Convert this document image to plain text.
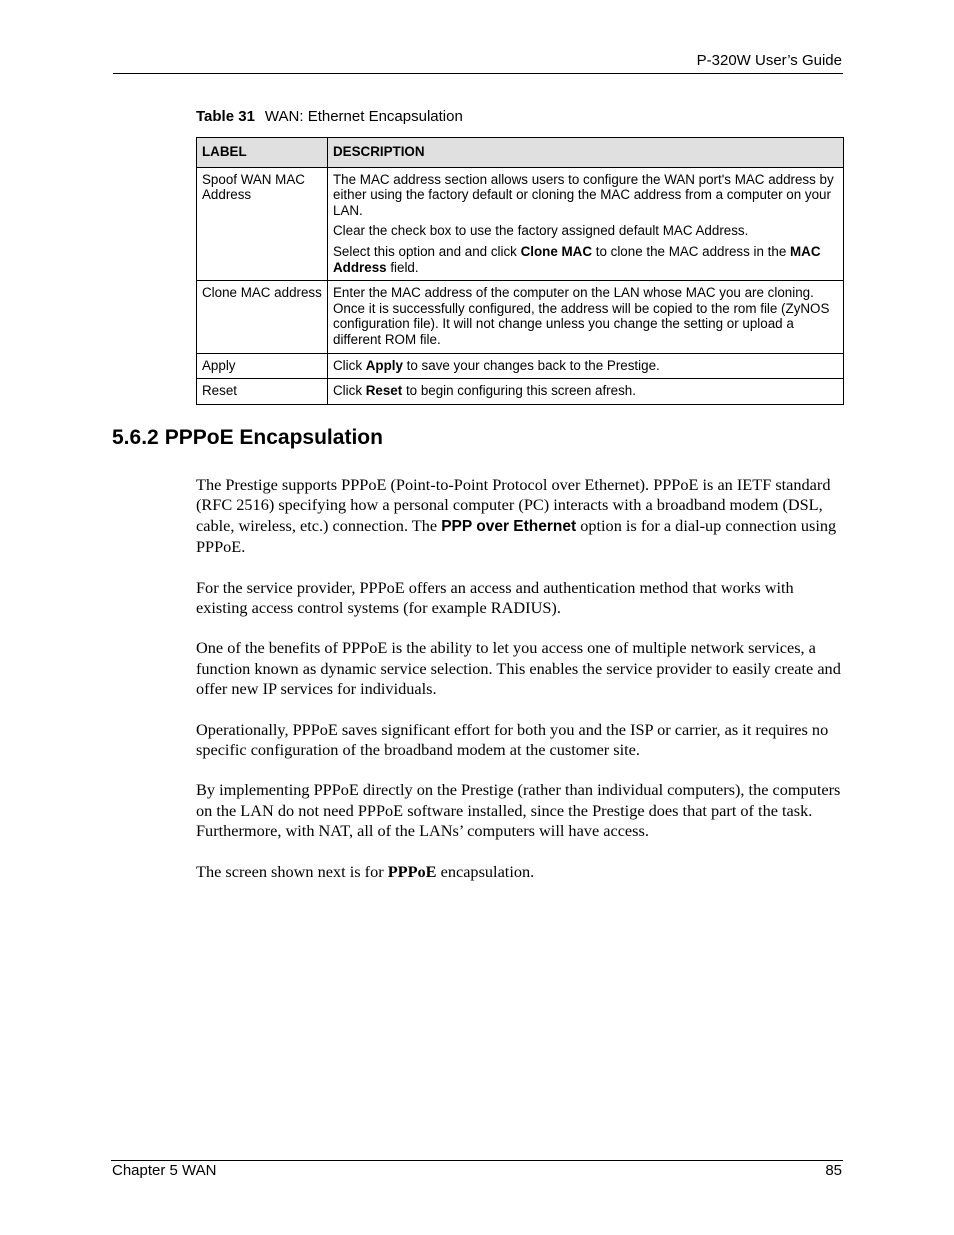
P-320W User’s Guide
Table 31 WAN: Ethernet Encapsulation
LABEL	DESCRIPTION
Spoof WAN MAC Address	The MAC address section allows users to configure the WAN port's MAC address by either using the factory default or cloning the MAC address from a computer on your LAN.

Clear the check box to use the factory assigned default MAC Address.

Select this option and and click Clone MAC to clone the MAC address in the MAC Address field.

Clone MAC address	Enter the MAC address of the computer on the LAN whose MAC you are cloning. Once it is successfully configured, the address will be copied to the rom file (ZyNOS configuration file). It will not change unless you change the setting or upload a different ROM file.

Apply	Click Apply to save your changes back to the Prestige.
Reset	Click Reset to begin configuring this screen afresh.
5.6.2 PPPoE Encapsulation

The Prestige supports PPPoE (Point-to-Point Protocol over Ethernet). PPPoE is an IETF standard (RFC 2516) specifying how a personal computer (PC) interacts with a broadband modem (DSL, cable, wireless, etc.) connection. The PPP over Ethernet option is for a dial-up connection using PPPoE.

For the service provider, PPPoE offers an access and authentication method that works with existing access control systems (for example RADIUS).

One of the benefits of PPPoE is the ability to let you access one of multiple network services, a function known as dynamic service selection. This enables the service provider to easily create and offer new IP services for individuals.

Operationally, PPPoE saves significant effort for both you and the ISP or carrier, as it requires no specific configuration of the broadband modem at the customer site.

By implementing PPPoE directly on the Prestige (rather than individual computers), the computers on the LAN do not need PPPoE software installed, since the Prestige does that part of the task. Furthermore, with NAT, all of the LANs’ computers will have access.

The screen shown next is for PPPoE encapsulation.

Chapter 5 WAN	85
